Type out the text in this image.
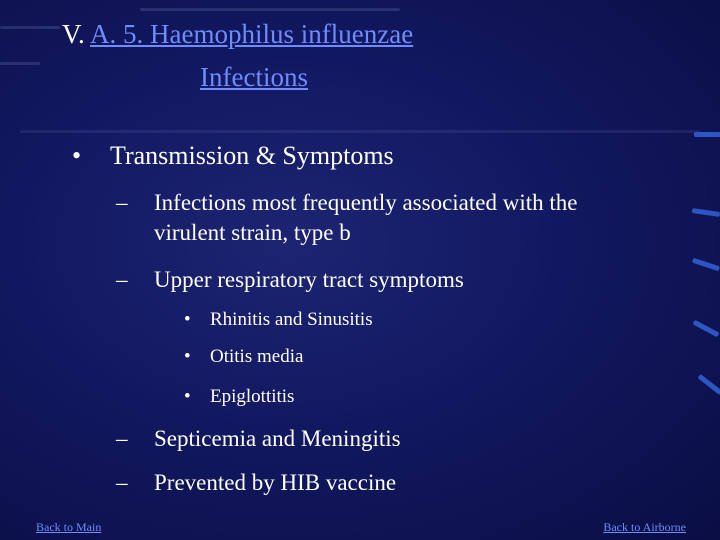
V. A. 5. Haemophilus influenzae
Infections
• Transmission & Symptoms
– Infections most frequently associated with the virulent strain, type b
– Upper respiratory tract symptoms
• Rhinitis and Sinusitis
• Otitis media
• Epiglottitis
– Septicemia and Meningitis
– Prevented by HIB vaccine
Back to Main	Back to Airborne
